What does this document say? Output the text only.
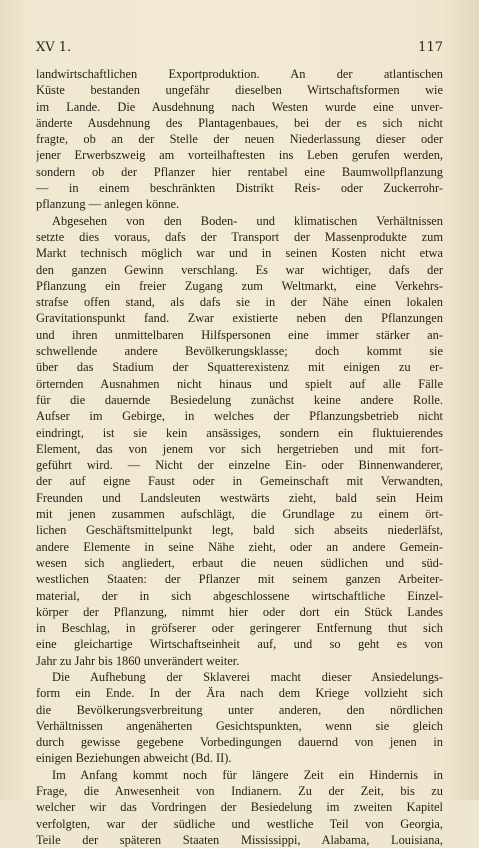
XV 1.	117
landwirtschaftlichen Exportproduktion. An der atlantischen
Küste bestanden ungefähr dieselben Wirtschaftsformen wie
im Lande. Die Ausdehnung nach Westen wurde eine unver-
änderte Ausdehnung des Plantagenbaues, bei der es sich nicht
fragte, ob an der Stelle der neuen Niederlassung dieser oder
jener Erwerbszweig am vorteilhaftesten ins Leben gerufen werden,
sondern ob der Pflanzer hier rentabel eine Baumwollpflanzung
— in einem beschränkten Distrikt Reis- oder Zuckerrohr-
pflanzung — anlegen könne.
Abgesehen von den Boden- und klimatischen Verhältnissen
setzte dies voraus, dafs der Transport der Massenprodukte zum
Markt technisch möglich war und in seinen Kosten nicht etwa
den ganzen Gewinn verschlang. Es war wichtiger, dafs der
Pflanzung ein freier Zugang zum Weltmarkt, eine Verkehrs-
strafse offen stand, als dafs sie in der Nähe einen lokalen
Gravitationspunkt fand. Zwar existierte neben den Pflanzungen
und ihren unmittelbaren Hilfspersonen eine immer stärker an-
schwellende andere Bevölkerungsklasse; doch kommt sie
über das Stadium der Squatterexistenz mit einigen zu er-
örternden Ausnahmen nicht hinaus und spielt auf alle Fälle
für die dauernde Besiedelung zunächst keine andere Rolle.
Aufser im Gebirge, in welches der Pflanzungsbetrieb nicht
eindringt, ist sie kein ansässiges, sondern ein fluktuierendes
Element, das von jenem vor sich hergetrieben und mit fort-
geführt wird. — Nicht der einzelne Ein- oder Binnenwanderer,
der auf eigne Faust oder in Gemeinschaft mit Verwandten,
Freunden und Landsleuten westwärts zieht, bald sein Heim
mit jenen zusammen aufschlägt, die Grundlage zu einem ört-
lichen Geschäftsmittelpunkt legt, bald sich abseits niederläfst,
andere Elemente in seine Nähe zieht, oder an andere Gemein-
wesen sich angliedert, erbaut die neuen südlichen und süd-
westlichen Staaten: der Pflanzer mit seinem ganzen Arbeiter-
material, der in sich abgeschlossene wirtschaftliche Einzel-
körper der Pflanzung, nimmt hier oder dort ein Stück Landes
in Beschlag, in gröfserer oder geringerer Entfernung thut sich
eine gleichartige Wirtschaftseinheit auf, und so geht es von
Jahr zu Jahr bis 1860 unverändert weiter.
Die Aufhebung der Sklaverei macht dieser Ansiedelungs-
form ein Ende. In der Ära nach dem Kriege vollzieht sich
die Bevölkerungsverbreitung unter anderen, den nördlichen
Verhältnissen angenäherten Gesichtspunkten, wenn sie gleich
durch gewisse gegebene Vorbedingungen dauernd von jenen in
einigen Beziehungen abweicht (Bd. II).
Im Anfang kommt noch für längere Zeit ein Hindernis in
Frage, die Anwesenheit von Indianern. Zu der Zeit, bis zu
welcher wir das Vordringen der Besiedelung im zweiten Kapitel
verfolgten, war der südliche und westliche Teil von Georgia,
Teile der späteren Staaten Mississippi, Alabama, Louisiana,
